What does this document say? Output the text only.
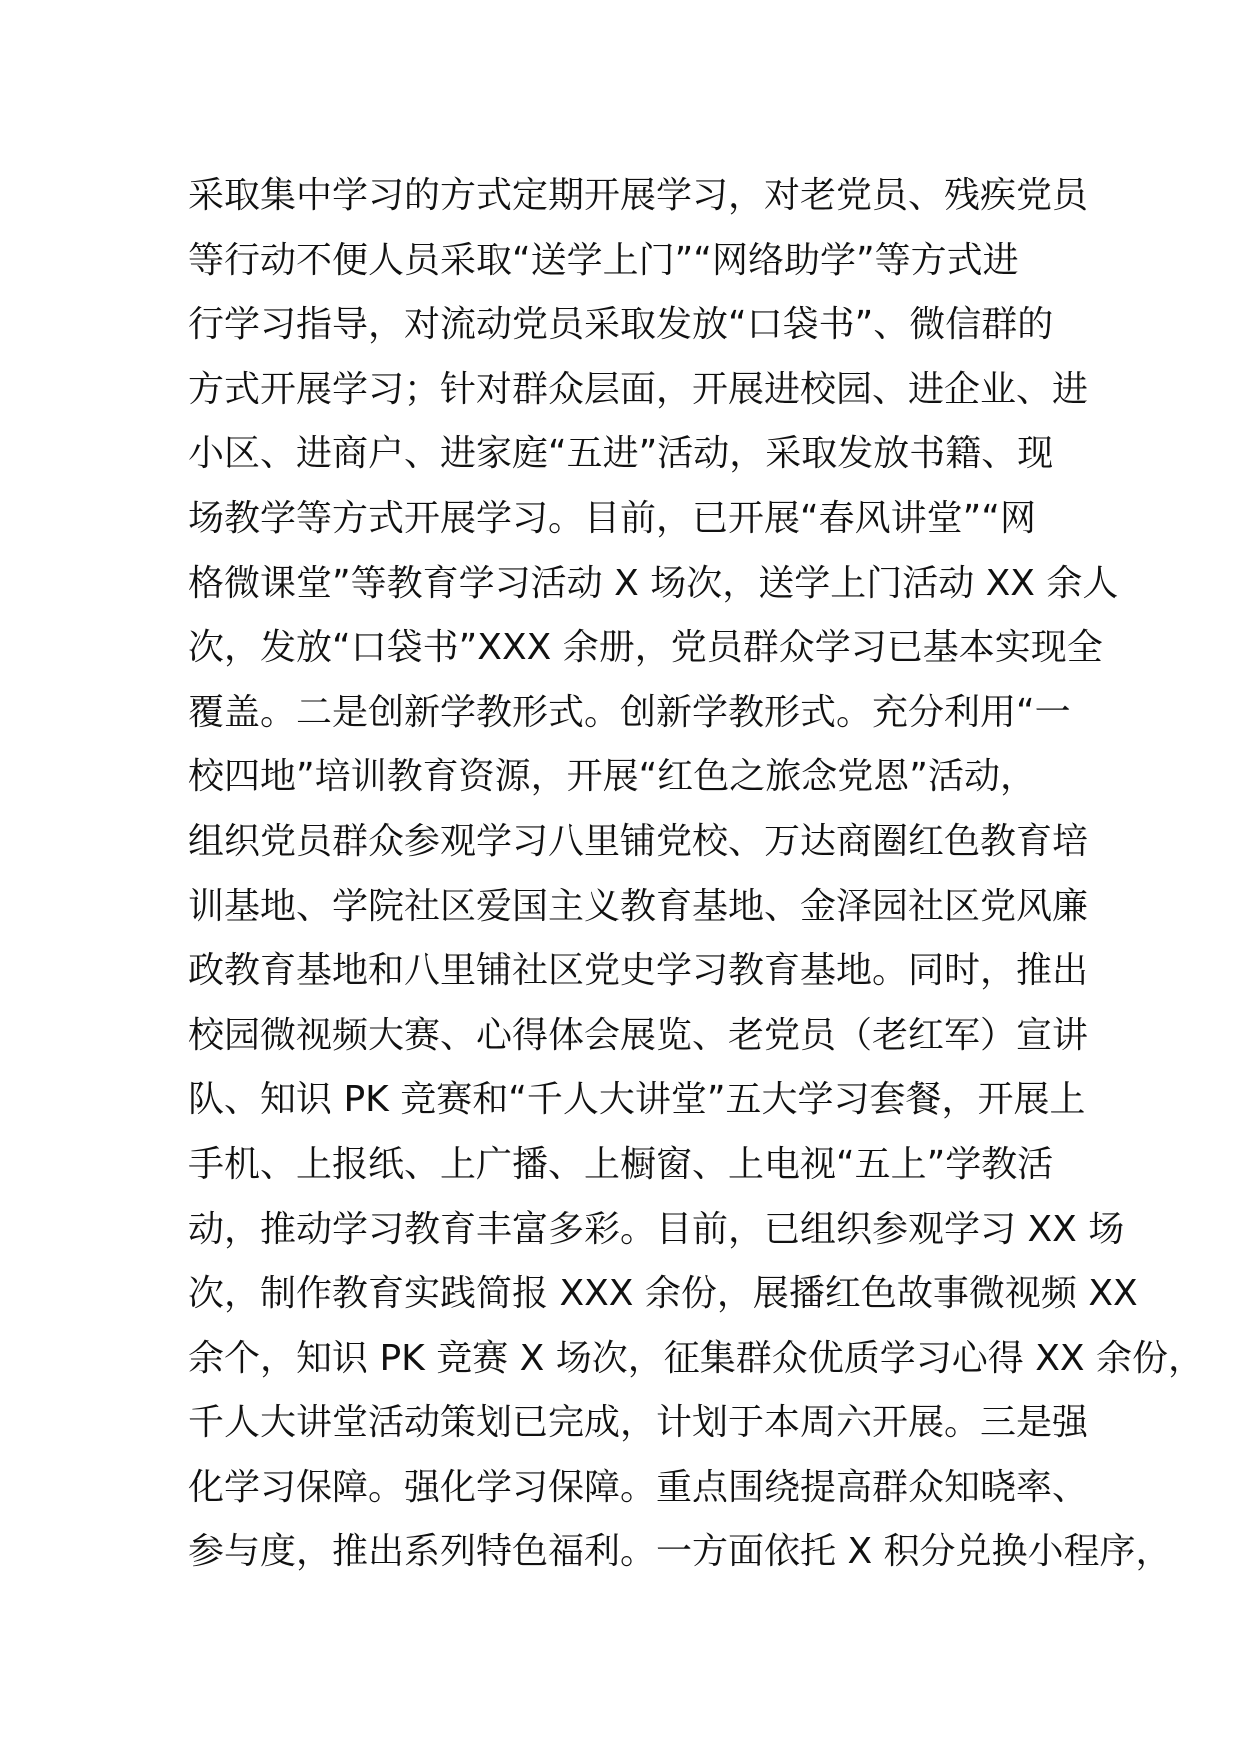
采取集中学习的方式定期开展学习，对老党员、残疾党员
等行动不便人员采取“送学上门”“网络助学”等方式进
行学习指导，对流动党员采取发放“口袋书”、微信群的
方式开展学习；针对群众层面，开展进校园、进企业、进
小区、进商户、进家庭“五进”活动，采取发放书籍、现
场教学等方式开展学习。目前，已开展“春风讲堂”“网
格微课堂”等教育学习活动 X 场次，送学上门活动 XX 余人
次，发放“口袋书”XXX 余册，党员群众学习已基本实现全
覆盖。二是创新学教形式。创新学教形式。充分利用“一
校四地”培训教育资源，开展“红色之旅念党恩”活动，
组织党员群众参观学习八里铺党校、万达商圈红色教育培
训基地、学院社区爱国主义教育基地、金泽园社区党风廉
政教育基地和八里铺社区党史学习教育基地。同时，推出
校园微视频大赛、心得体会展览、老党员（老红军）宣讲
队、知识 PK 竞赛和“千人大讲堂”五大学习套餐，开展上
手机、上报纸、上广播、上橱窗、上电视“五上”学教活
动，推动学习教育丰富多彩。目前，已组织参观学习 XX 场
次，制作教育实践简报 XXX 余份，展播红色故事微视频 XX
余个，知识 PK 竞赛 X 场次，征集群众优质学习心得 XX 余份，
千人大讲堂活动策划已完成，计划于本周六开展。三是强
化学习保障。强化学习保障。重点围绕提高群众知晓率、
参与度，推出系列特色福利。一方面依托 X 积分兑换小程序，
